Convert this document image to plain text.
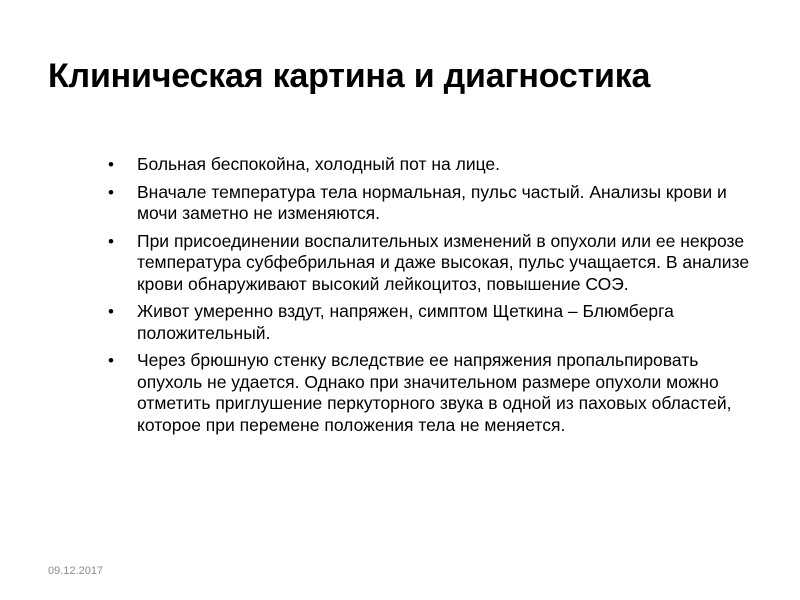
Клиническая картина и диагностика
• Больная беспокойна, холодный пот на лице.
• Вначале температура тела нормальная, пульс частый. Анализы крови и мочи заметно не изменяются.
• При присоединении воспалительных изменений в опухоли или ее некрозе температура субфебрильная и даже высокая, пульс учащается. В анализе крови обнаруживают высокий лейкоцитоз, повышение СОЭ.
• Живот умеренно вздут, напряжен, симптом Щеткина – Блюмберга положительный.
• Через брюшную стенку вследствие ее напряжения пропальпировать опухоль не удается. Однако при значительном размере опухоли можно отметить приглушение перкуторного звука в одной из паховых областей, которое при перемене положения тела не меняется.
09.12.2017
